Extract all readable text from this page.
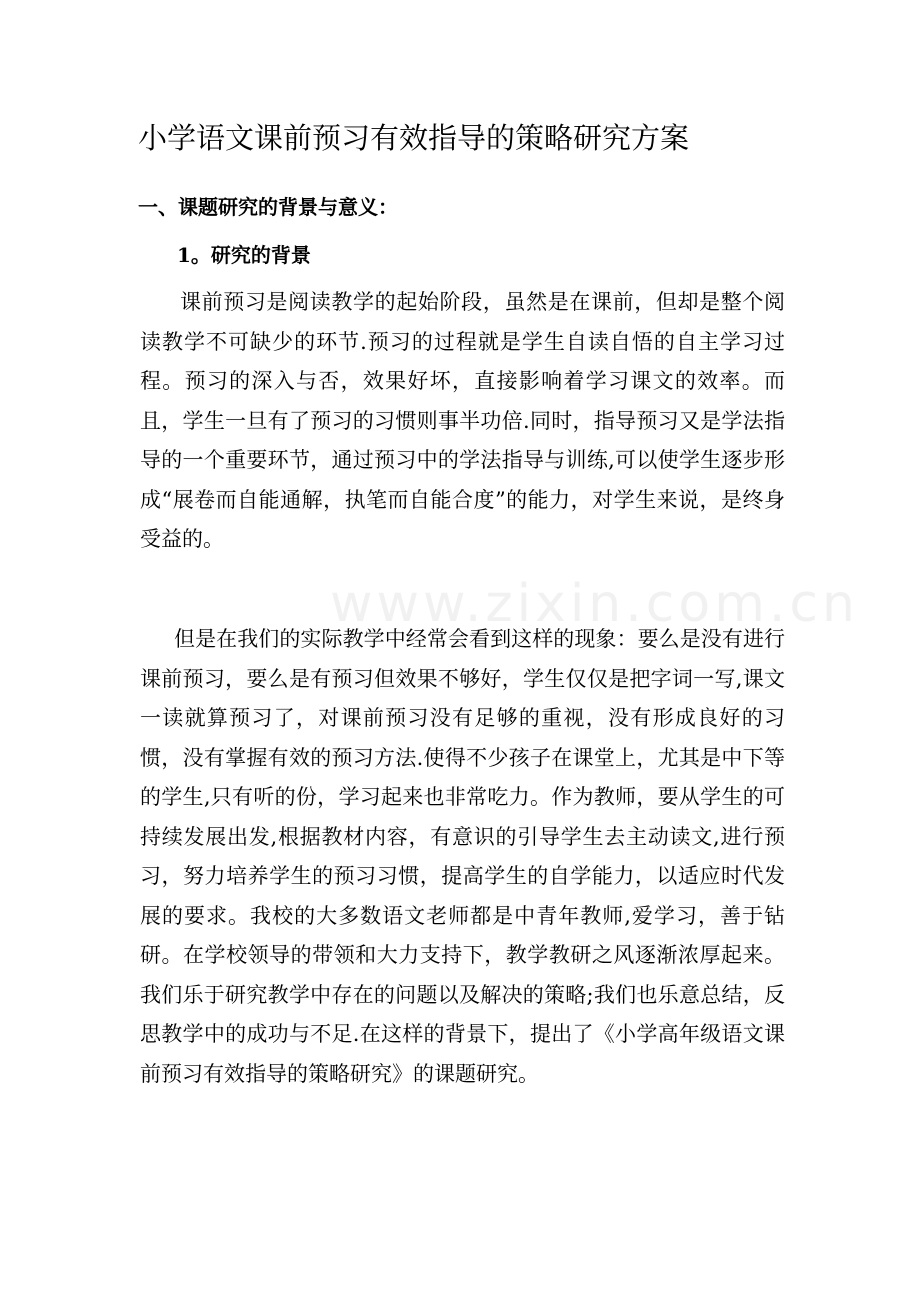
www.zixin.com.cn
小学语文课前预习有效指导的策略研究方案
一、课题研究的背景与意义：
1。研究的背景

课前预习是阅读教学的起始阶段，虽然是在课前，但却是整个阅读教学不可缺少的环节.预习的过程就是学生自读自悟的自主学习过程。预习的深入与否，效果好坏，直接影响着学习课文的效率。而且，学生一旦有了预习的习惯则事半功倍.同时，指导预习又是学法指导的一个重要环节，通过预习中的学法指导与训练,可以使学生逐步形成“展卷而自能通解，执笔而自能合度”的能力，对学生来说，是终身受益的。

但是在我们的实际教学中经常会看到这样的现象：要么是没有进行课前预习，要么是有预习但效果不够好，学生仅仅是把字词一写,课文一读就算预习了，对课前预习没有足够的重视，没有形成良好的习惯，没有掌握有效的预习方法.使得不少孩子在课堂上，尤其是中下等的学生,只有听的份，学习起来也非常吃力。作为教师，要从学生的可持续发展出发,根据教材内容，有意识的引导学生去主动读文,进行预习，努力培养学生的预习习惯，提高学生的自学能力，以适应时代发展的要求。我校的大多数语文老师都是中青年教师,爱学习，善于钻研。在学校领导的带领和大力支持下，教学教研之风逐渐浓厚起来。我们乐于研究教学中存在的问题以及解决的策略;我们也乐意总结，反思教学中的成功与不足.在这样的背景下，提出了《小学高年级语文课前预习有效指导的策略研究》的课题研究。
